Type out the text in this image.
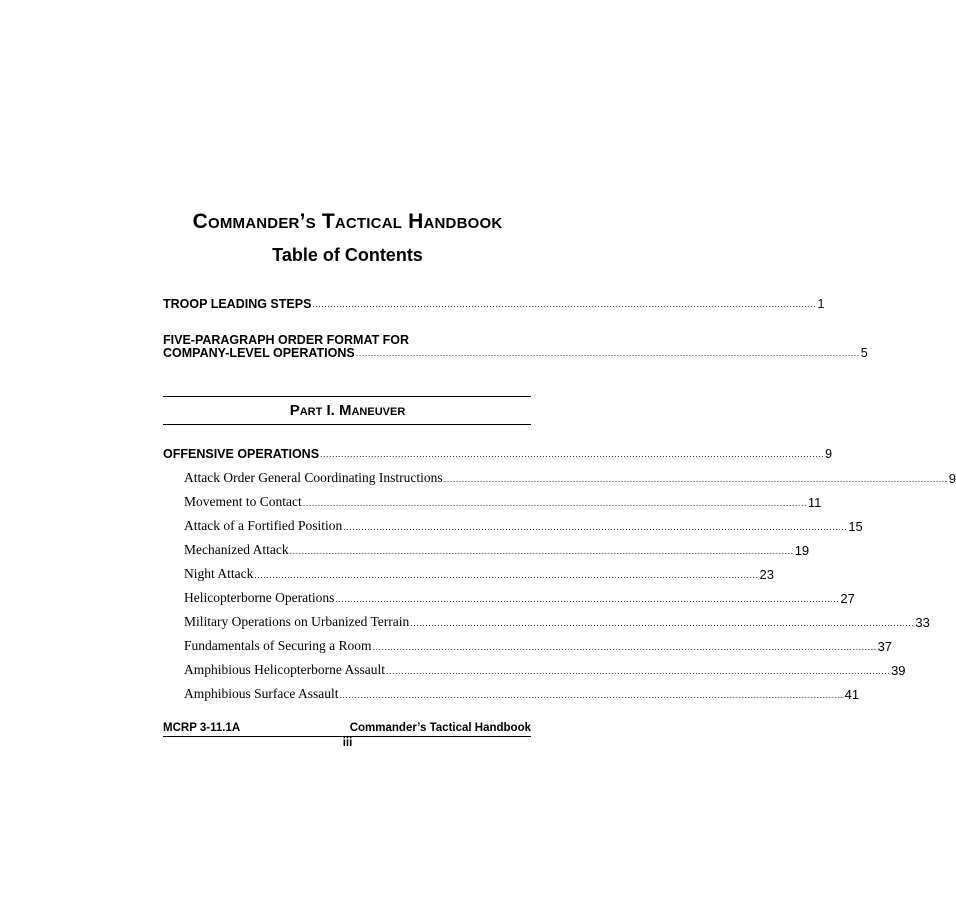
Commander’s Tactical Handbook
Table of Contents
TROOP LEADING STEPS ........................................................................................................................................................................ 1
FIVE-PARAGRAPH ORDER FORMAT FOR
COMPANY-LEVEL OPERATIONS ........................................................................................................................................................................ 5
Part I. Maneuver
OFFENSIVE OPERATIONS ........................................................................................................................................................................ 9
Attack Order General Coordinating Instructions ........................................................................................................................................................................ 9
Movement to Contact ........................................................................................................................................................................ 11
Attack of a Fortified Position ........................................................................................................................................................................ 15
Mechanized Attack ........................................................................................................................................................................ 19
Night Attack ........................................................................................................................................................................ 23
Helicopterborne Operations ........................................................................................................................................................................ 27
Military Operations on Urbanized Terrain ........................................................................................................................................................................ 33
Fundamentals of Securing a Room ........................................................................................................................................................................ 37
Amphibious Helicopterborne Assault ........................................................................................................................................................................ 39
Amphibious Surface Assault ........................................................................................................................................................................ 41
MCRP 3-11.1A	Commander’s Tactical Handbook
iii
